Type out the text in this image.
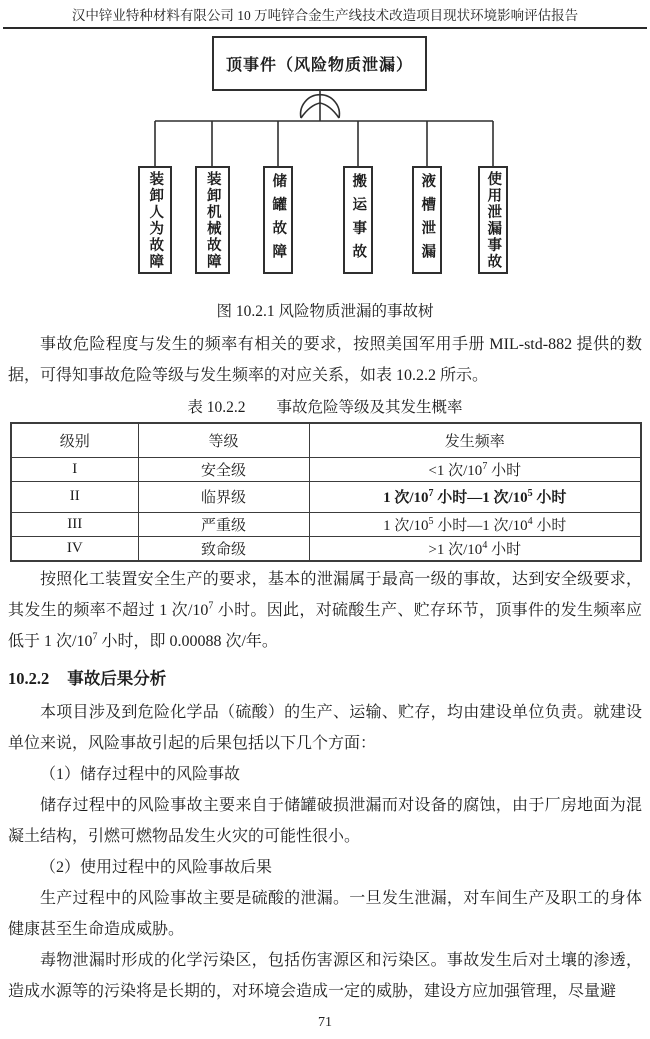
汉中锌业特种材料有限公司 10 万吨锌合金生产线技术改造项目现状环境影响评估报告
顶事件（风险物质泄漏）
装卸人为故障	装卸机械故障	储罐故障	搬运事故	液槽泄漏	使用泄漏事故
图 10.2.1 风险物质泄漏的事故树

事故危险程度与发生的频率有相关的要求，按照美国军用手册 MIL-std-882 提供的数据，可得知事故危险等级与发生频率的对应关系，如表 10.2.2 所示。

表 10.2.2　　事故危险等级及其发生概率
级别	等级	发生频率
I	安全级	<1 次$/10^7$ 小时
II	临界级	1 次$/10^7$ 小时—1 次$/10^5$ 小时
III	严重级	1 次$/10^5$ 小时—1 次$/10^4$ 小时
IV	致命级	>1 次$/10^4$ 小时

按照化工装置安全生产的要求，基本的泄漏属于最高一级的事故，达到安全级要求，其发生的频率不超过 1 次$/10^7$ 小时。因此，对硫酸生产、贮存环节，顶事件的发生频率应低于 1 次$/10^7$ 小时，即 0.00088 次/年。

10.2.2 事故后果分析

本项目涉及到危险化学品（硫酸）的生产、运输、贮存，均由建设单位负责。就建设单位来说，风险事故引起的后果包括以下几个方面：

（1）储存过程中的风险事故

储存过程中的风险事故主要来自于储罐破损泄漏而对设备的腐蚀，由于厂房地面为混凝土结构，引燃可燃物品发生火灾的可能性很小。

（2）使用过程中的风险事故后果

生产过程中的风险事故主要是硫酸的泄漏。一旦发生泄漏，对车间生产及职工的身体健康甚至生命造成威胁。

毒物泄漏时形成的化学污染区，包括伤害源区和污染区。事故发生后对土壤的渗透，造成水源等的污染将是长期的，对环境会造成一定的威胁，建设方应加强管理，尽量避

71
